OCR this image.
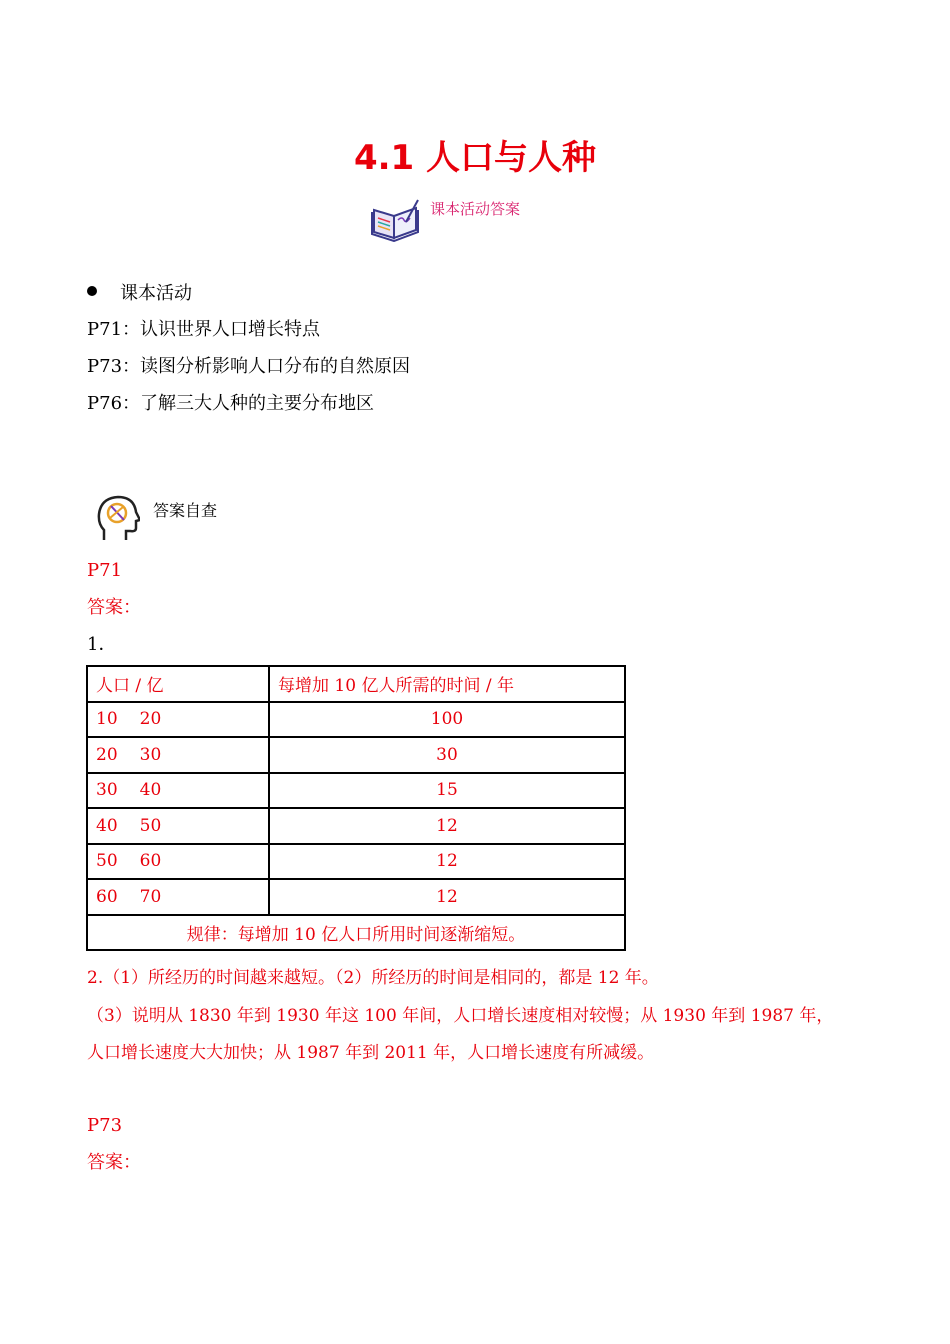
4.1 人口与人种
课本活动答案
课本活动
P71：认识世界人口增长特点
P73：读图分析影响人口分布的自然原因
P76：了解三大人种的主要分布地区
答案自查
P71
答案：
1．
人口 / 亿	每增加 10 亿人所需的时间 / 年
10 20	100
20 30	30
30 40	15
40 50	12
50 60	12
60 70	12
规律：每增加 10 亿人口所用时间逐渐缩短。	
2.（1）所经历的时间越来越短。（2）所经历的时间是相同的，都是 12 年。
（3）说明从 1830 年到 1930 年这 100 年间，人口增长速度相对较慢；从 1930 年到 1987 年，
人口增长速度大大加快；从 1987 年到 2011 年，人口增长速度有所减缓。
P73
答案：
